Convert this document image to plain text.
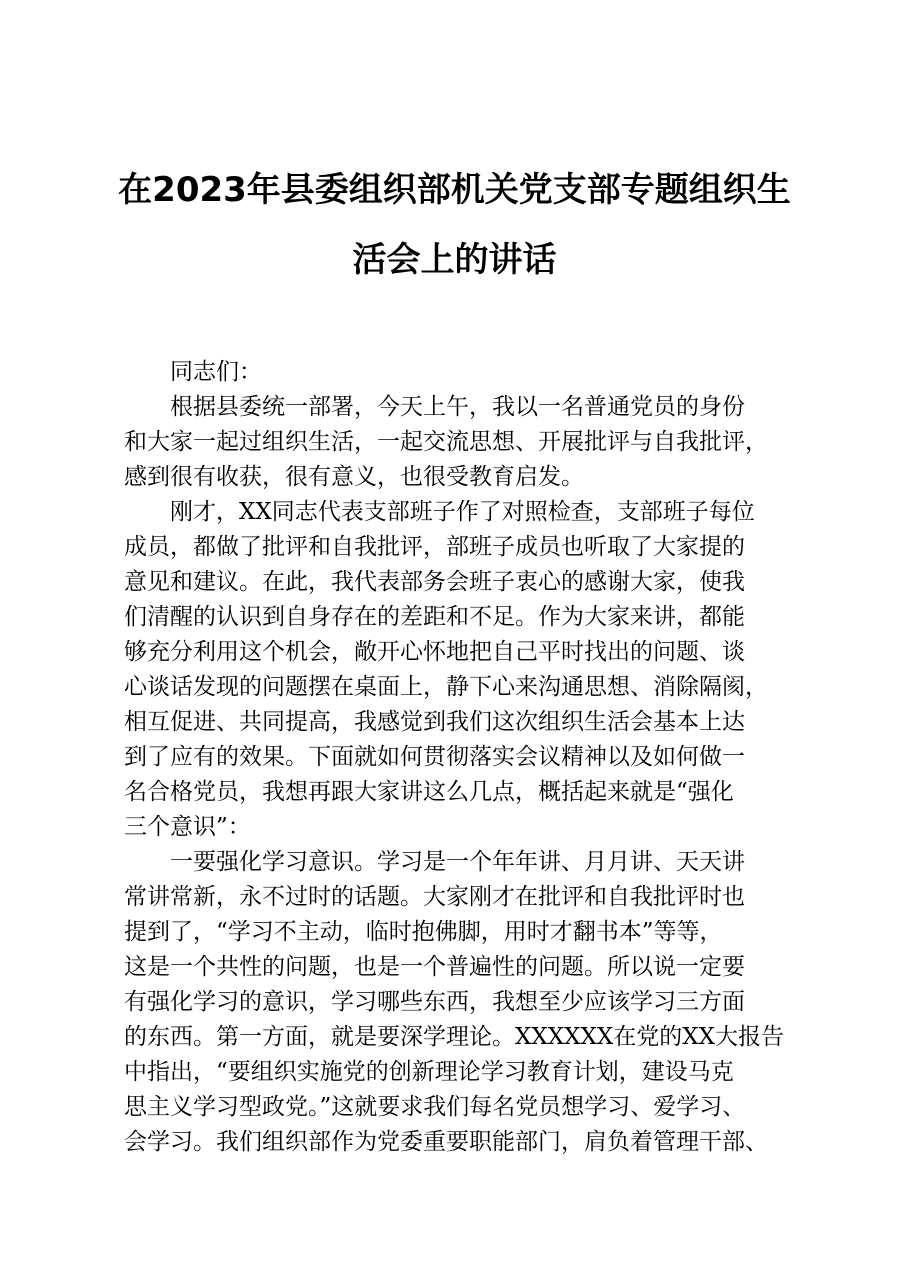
在2023年县委组织部机关党支部专题组织生
活会上的讲话
同志们：
根据县委统一部署，今天上午，我以一名普通党员的身份
和大家一起过组织生活，一起交流思想、开展批评与自我批评，
感到很有收获，很有意义，也很受教育启发。
刚才，XX同志代表支部班子作了对照检查，支部班子每位
成员，都做了批评和自我批评，部班子成员也听取了大家提的
意见和建议。在此，我代表部务会班子衷心的感谢大家，使我
们清醒的认识到自身存在的差距和不足。作为大家来讲，都能
够充分利用这个机会，敞开心怀地把自己平时找出的问题、谈
心谈话发现的问题摆在桌面上，静下心来沟通思想、消除隔阂，
相互促进、共同提高，我感觉到我们这次组织生活会基本上达
到了应有的效果。下面就如何贯彻落实会议精神以及如何做一
名合格党员，我想再跟大家讲这么几点，概括起来就是“强化
三个意识”：
一要强化学习意识。学习是一个年年讲、月月讲、天天讲
常讲常新，永不过时的话题。大家刚才在批评和自我批评时也
提到了，“学习不主动，临时抱佛脚，用时才翻书本”等等，
这是一个共性的问题，也是一个普遍性的问题。所以说一定要
有强化学习的意识，学习哪些东西，我想至少应该学习三方面
的东西。第一方面，就是要深学理论。XXXXXX在党的XX大报告
中指出，“要组织实施党的创新理论学习教育计划，建设马克
思主义学习型政党。”这就要求我们每名党员想学习、爱学习、
会学习。我们组织部作为党委重要职能部门，肩负着管理干部、
